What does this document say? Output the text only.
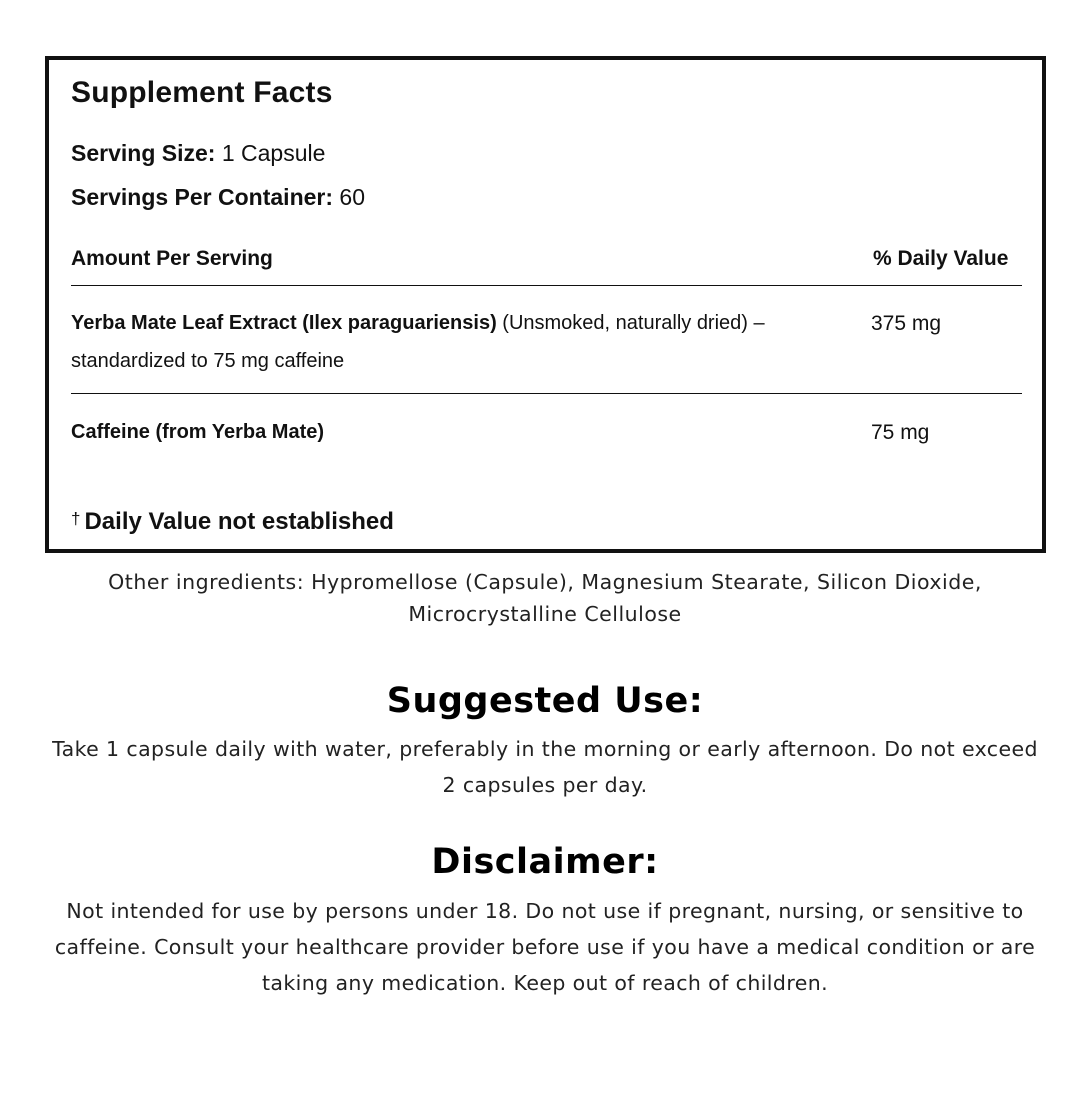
Supplement Facts
Serving Size: 1 Capsule
Servings Per Container: 60
Amount Per Serving	% Daily Value
Yerba Mate Leaf Extract (Ilex paraguariensis) (Unsmoked, naturally dried) – standardized to 75 mg caffeine
375 mg
Caffeine (from Yerba Mate)	75 mg
† Daily Value not established
Other ingredients: Hypromellose (Capsule), Magnesium Stearate, Silicon Dioxide, Microcrystalline Cellulose
Suggested Use:
Take 1 capsule daily with water, preferably in the morning or early afternoon. Do not exceed 2 capsules per day.
Disclaimer:
Not intended for use by persons under 18. Do not use if pregnant, nursing, or sensitive to caffeine. Consult your healthcare provider before use if you have a medical condition or are taking any medication. Keep out of reach of children.
